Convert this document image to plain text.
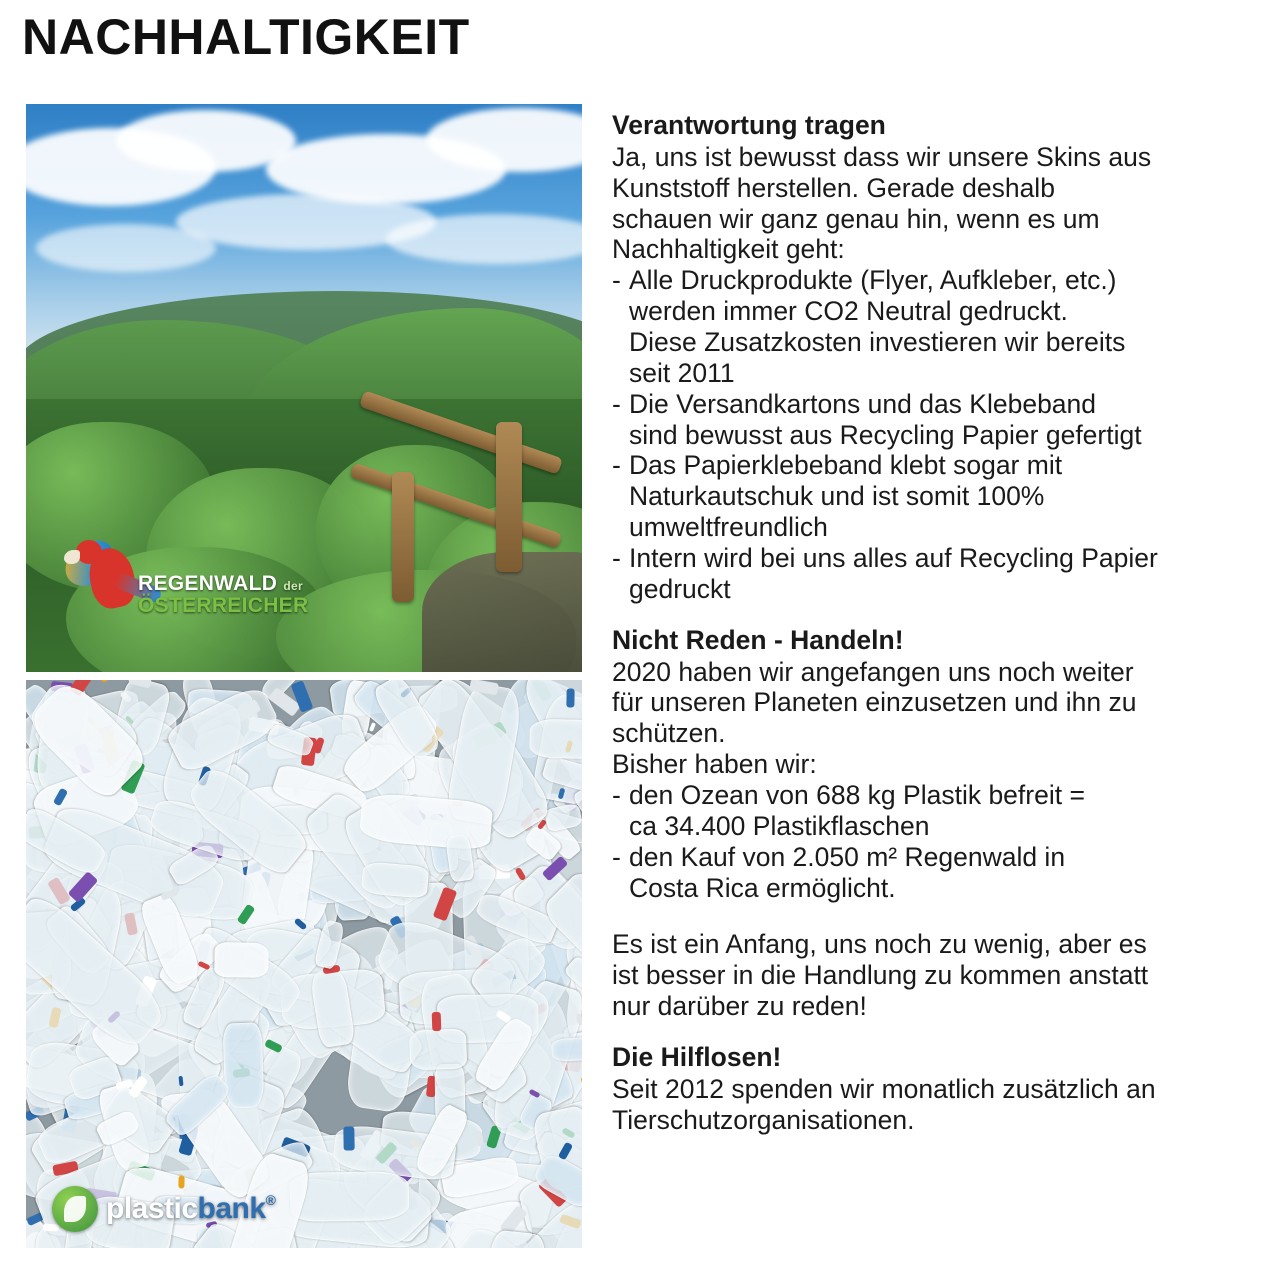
NACHHALTIGKEIT
REGENWALD der
ÖSTERREICHER
plasticbank®
Verantwortung tragen

Ja, uns ist bewusst dass wir unsere Skins aus

Kunststoff herstellen. Gerade deshalb

schauen wir ganz genau hin, wenn es um

Nachhaltigkeit geht:

- Alle Druckprodukte (Flyer, Aufkleber, etc.)

werden immer CO2 Neutral gedruckt.

Diese Zusatzkosten investieren wir bereits

seit 2011

- Die Versandkartons und das Klebeband

sind bewusst aus Recycling Papier gefertigt

- Das Papierklebeband klebt sogar mit

Naturkautschuk und ist somit 100%

umweltfreundlich

- Intern wird bei uns alles auf Recycling Papier

gedruckt

Nicht Reden - Handeln!

2020 haben wir angefangen uns noch weiter

für unseren Planeten einzusetzen und ihn zu

schützen.

Bisher haben wir:

- den Ozean von 688 kg Plastik befreit =

ca 34.400 Plastikflaschen

- den Kauf von 2.050 m² Regenwald in

Costa Rica ermöglicht.

Es ist ein Anfang, uns noch zu wenig, aber es

ist besser in die Handlung zu kommen anstatt

nur darüber zu reden!

Die Hilflosen!

Seit 2012 spenden wir monatlich zusätzlich an

Tierschutzorganisationen.
